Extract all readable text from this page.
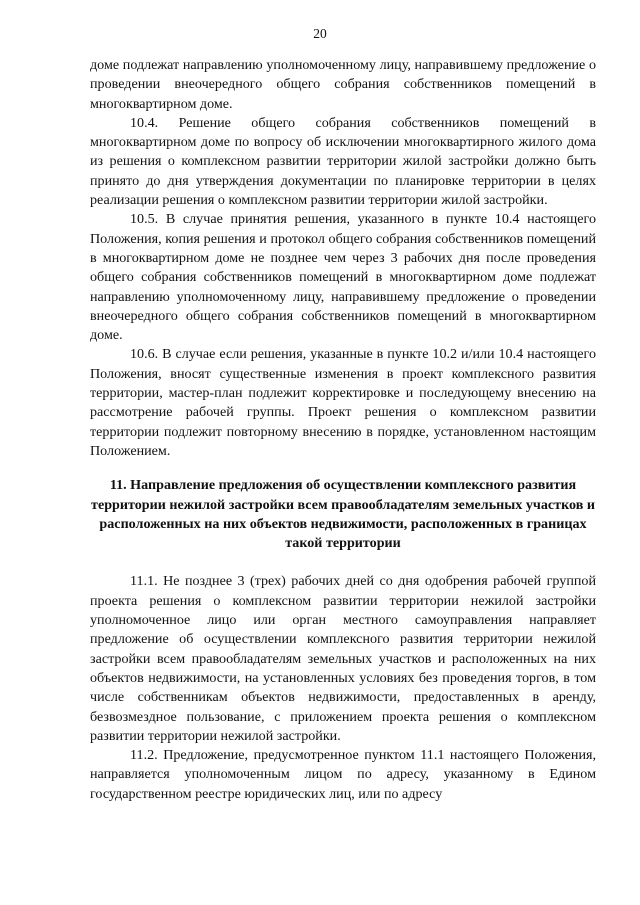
20

доме подлежат направлению уполномоченному лицу, направившему предложение о проведении внеочередного общего собрания собственников помещений в многоквартирном доме.

10.4. Решение общего собрания собственников помещений в многоквартирном доме по вопросу об исключении многоквартирного жилого дома из решения о комплексном развитии территории жилой застройки должно быть принято до дня утверждения документации по планировке территории в целях реализации решения о комплексном развитии территории жилой застройки.

10.5. В случае принятия решения, указанного в пункте 10.4 настоящего Положения, копия решения и протокол общего собрания собственников помещений в многоквартирном доме не позднее чем через 3 рабочих дня после проведения общего собрания собственников помещений в многоквартирном доме подлежат направлению уполномоченному лицу, направившему предложение о проведении внеочередного общего собрания собственников помещений в многоквартирном доме.

10.6. В случае если решения, указанные в пункте 10.2 и/или 10.4 настоящего Положения, вносят существенные изменения в проект комплексного развития территории, мастер-план подлежит корректировке и последующему внесению на рассмотрение рабочей группы. Проект решения о комплексном развитии территории подлежит повторному внесению в порядке, установленном настоящим Положением.

11. Направление предложения об осуществлении комплексного развития территории нежилой застройки всем правообладателям земельных участков и расположенных на них объектов недвижимости, расположенных в границах такой территории

11.1. Не позднее 3 (трех) рабочих дней со дня одобрения рабочей группой проекта решения о комплексном развитии территории нежилой застройки уполномоченное лицо или орган местного самоуправления направляет предложение об осуществлении комплексного развития территории нежилой застройки всем правообладателям земельных участков и расположенных на них объектов недвижимости, на установленных условиях без проведения торгов, в том числе собственникам объектов недвижимости, предоставленных в аренду, безвозмездное пользование, с приложением проекта решения о комплексном развитии территории нежилой застройки.

11.2. Предложение, предусмотренное пунктом 11.1 настоящего Положения, направляется уполномоченным лицом по адресу, указанному в Едином государственном реестре юридических лиц, или по адресу
